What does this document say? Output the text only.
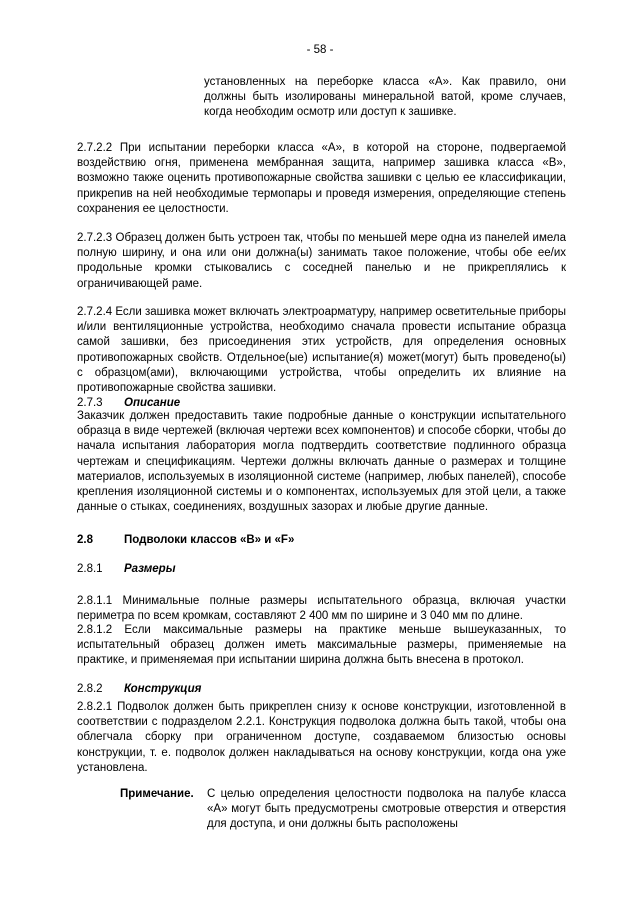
- 58 -
установленных на переборке класса «А». Как правило, они должны быть изолированы минеральной ватой, кроме случаев, когда необходим осмотр или доступ к зашивке.
2.7.2.2 При испытании переборки класса «А», в которой на стороне, подвергаемой воздействию огня, применена мембранная защита, например зашивка класса «В», возможно также оценить противопожарные свойства зашивки с целью ее классификации, прикрепив на ней необходимые термопары и проведя измерения, определяющие степень сохранения ее целостности.
2.7.2.3 Образец должен быть устроен так, чтобы по меньшей мере одна из панелей имела полную ширину, и она или они должна(ы) занимать такое положение, чтобы обе ее/их продольные кромки стыковались с соседней панелью и не прикреплялись к ограничивающей раме.
2.7.2.4 Если зашивка может включать электроарматуру, например осветительные приборы и/или вентиляционные устройства, необходимо сначала провести испытание образца самой зашивки, без присоединения этих устройств, для определения основных противопожарных свойств. Отдельное(ые) испытание(я) может(могут) быть проведено(ы) с образцом(ами), включающими устройства, чтобы определить их влияние на противопожарные свойства зашивки.
2.7.3 Описание
Заказчик должен предоставить такие подробные данные о конструкции испытательного образца в виде чертежей (включая чертежи всех компонентов) и способе сборки, чтобы до начала испытания лаборатория могла подтвердить соответствие подлинного образца чертежам и спецификациям. Чертежи должны включать данные о размерах и толщине материалов, используемых в изоляционной системе (например, любых панелей), способе крепления изоляционной системы и о компонентах, используемых для этой цели, а также данные о стыках, соединениях, воздушных зазорах и любые другие данные.
2.8	Подволоки классов «В» и «F»
2.8.1 Размеры
2.8.1.1 Минимальные полные размеры испытательного образца, включая участки периметра по всем кромкам, составляют 2 400 мм по ширине и 3 040 мм по длине.
2.8.1.2 Если максимальные размеры на практике меньше вышеуказанных, то испытательный образец должен иметь максимальные размеры, применяемые на практике, и применяемая при испытании ширина должна быть внесена в протокол.
2.8.2 Конструкция
2.8.2.1 Подволок должен быть прикреплен снизу к основе конструкции, изготовленной в соответствии с подразделом 2.2.1. Конструкция подволока должна быть такой, чтобы она облегчала сборку при ограниченном доступе, создаваемом близостью основы конструкции, т. е. подволок должен накладываться на основу конструкции, когда она уже установлена.
Примечание. С целью определения целостности подволока на палубе класса «А» могут быть предусмотрены смотровые отверстия и отверстия для доступа, и они должны быть расположены
